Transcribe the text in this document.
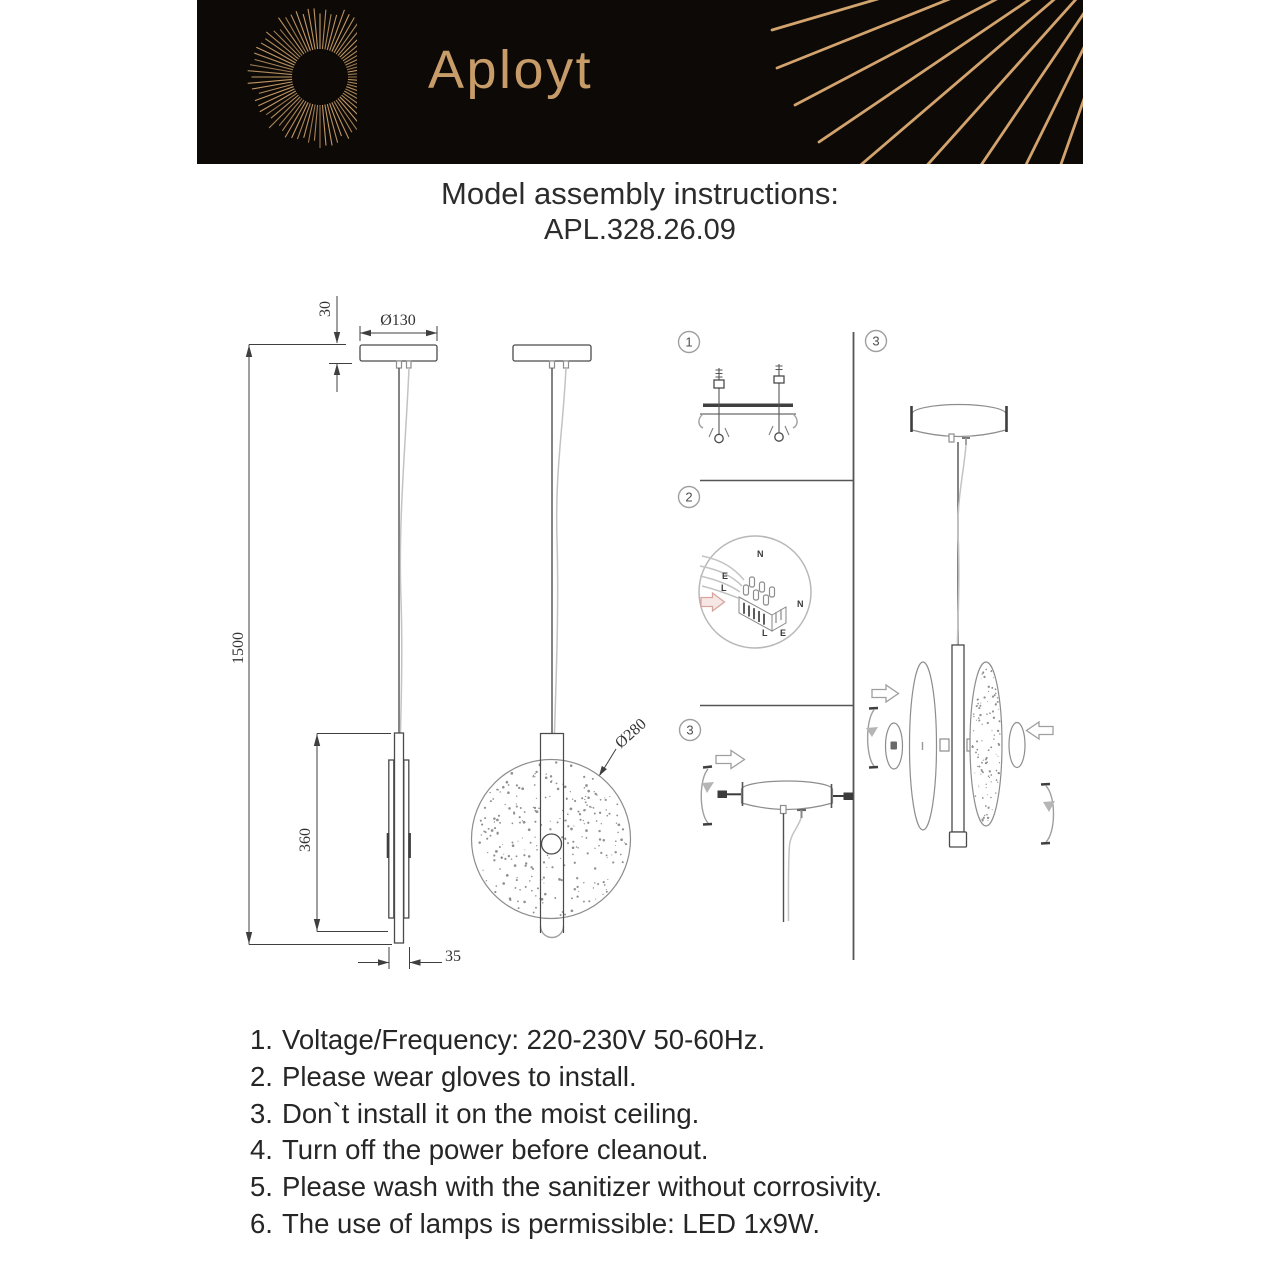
Aployt
Model assembly instructions:
APL.328.26.09
1500
30
Ø130
360
35
Ø280
1
2
3
3
N
E
L
N
L E
1. Voltage/Frequency: 220-230V 50-60Hz.
2. Please wear gloves to install.
3. Don`t install it on the moist ceiling.
4. Turn off the power before cleanout.
5. Please wash with the sanitizer without corrosivity.
6. The use of lamps is permissible: LED 1x9W.
